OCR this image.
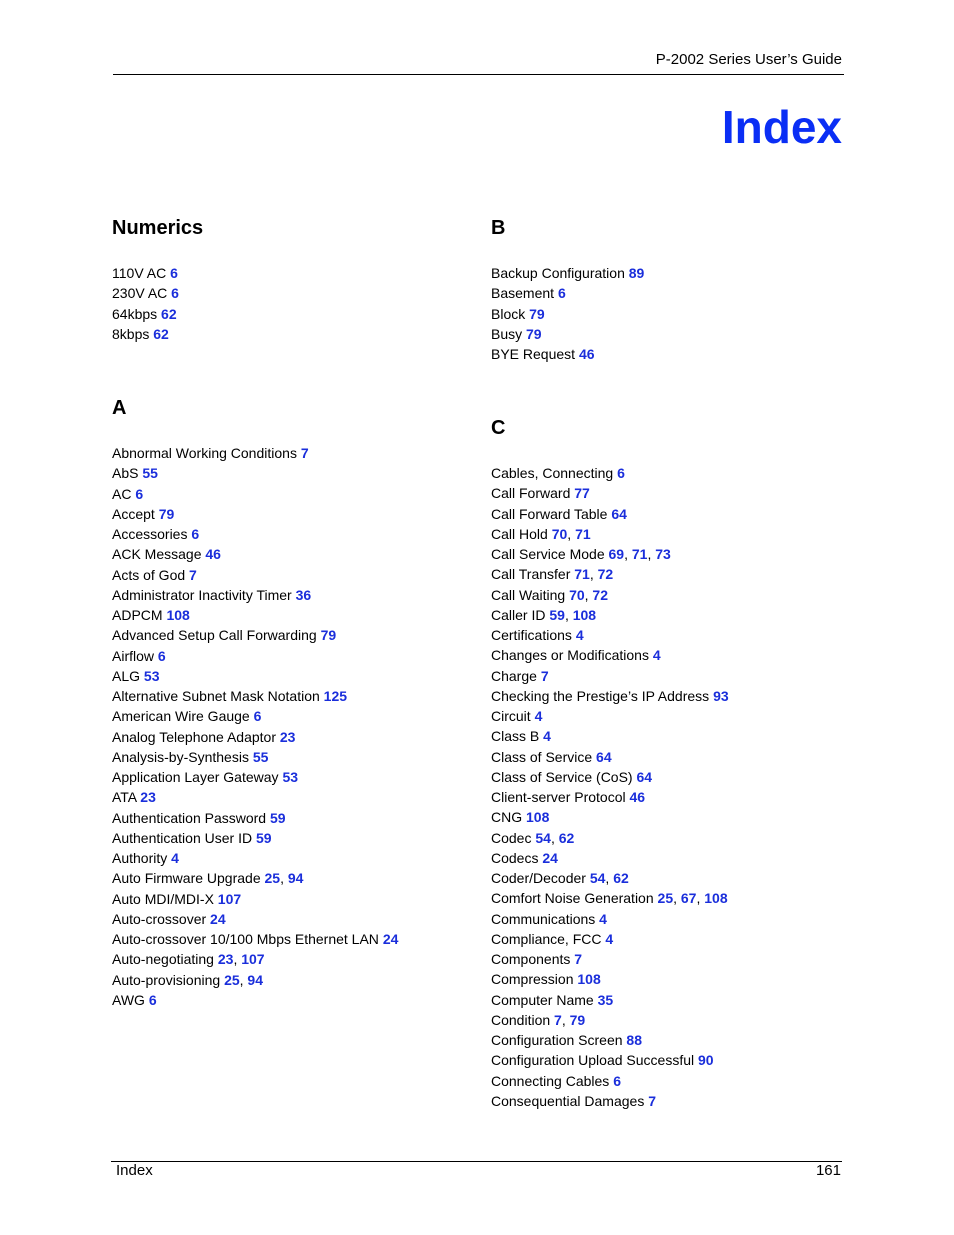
P-2002 Series User’s Guide
Index
Numerics
110V AC 6
230V AC 6
64kbps 62
8kbps 62
A
Abnormal Working Conditions 7
AbS 55
AC 6
Accept 79
Accessories 6
ACK Message 46
Acts of God 7
Administrator Inactivity Timer 36
ADPCM 108
Advanced Setup Call Forwarding 79
Airflow 6
ALG 53
Alternative Subnet Mask Notation 125
American Wire Gauge 6
Analog Telephone Adaptor 23
Analysis-by-Synthesis 55
Application Layer Gateway 53
ATA 23
Authentication Password 59
Authentication User ID 59
Authority 4
Auto Firmware Upgrade 25, 94
Auto MDI/MDI-X 107
Auto-crossover 24
Auto-crossover 10/100 Mbps Ethernet LAN 24
Auto-negotiating 23, 107
Auto-provisioning 25, 94
AWG 6
B
Backup Configuration 89
Basement 6
Block 79
Busy 79
BYE Request 46
C
Cables, Connecting 6
Call Forward 77
Call Forward Table 64
Call Hold 70, 71
Call Service Mode 69, 71, 73
Call Transfer 71, 72
Call Waiting 70, 72
Caller ID 59, 108
Certifications 4
Changes or Modifications 4
Charge 7
Checking the Prestige’s IP Address 93
Circuit 4
Class B 4
Class of Service 64
Class of Service (CoS) 64
Client-server Protocol 46
CNG 108
Codec 54, 62
Codecs 24
Coder/Decoder 54, 62
Comfort Noise Generation 25, 67, 108
Communications 4
Compliance, FCC 4
Components 7
Compression 108
Computer Name 35
Condition 7, 79
Configuration Screen 88
Configuration Upload Successful 90
Connecting Cables 6
Consequential Damages 7
Index	161
